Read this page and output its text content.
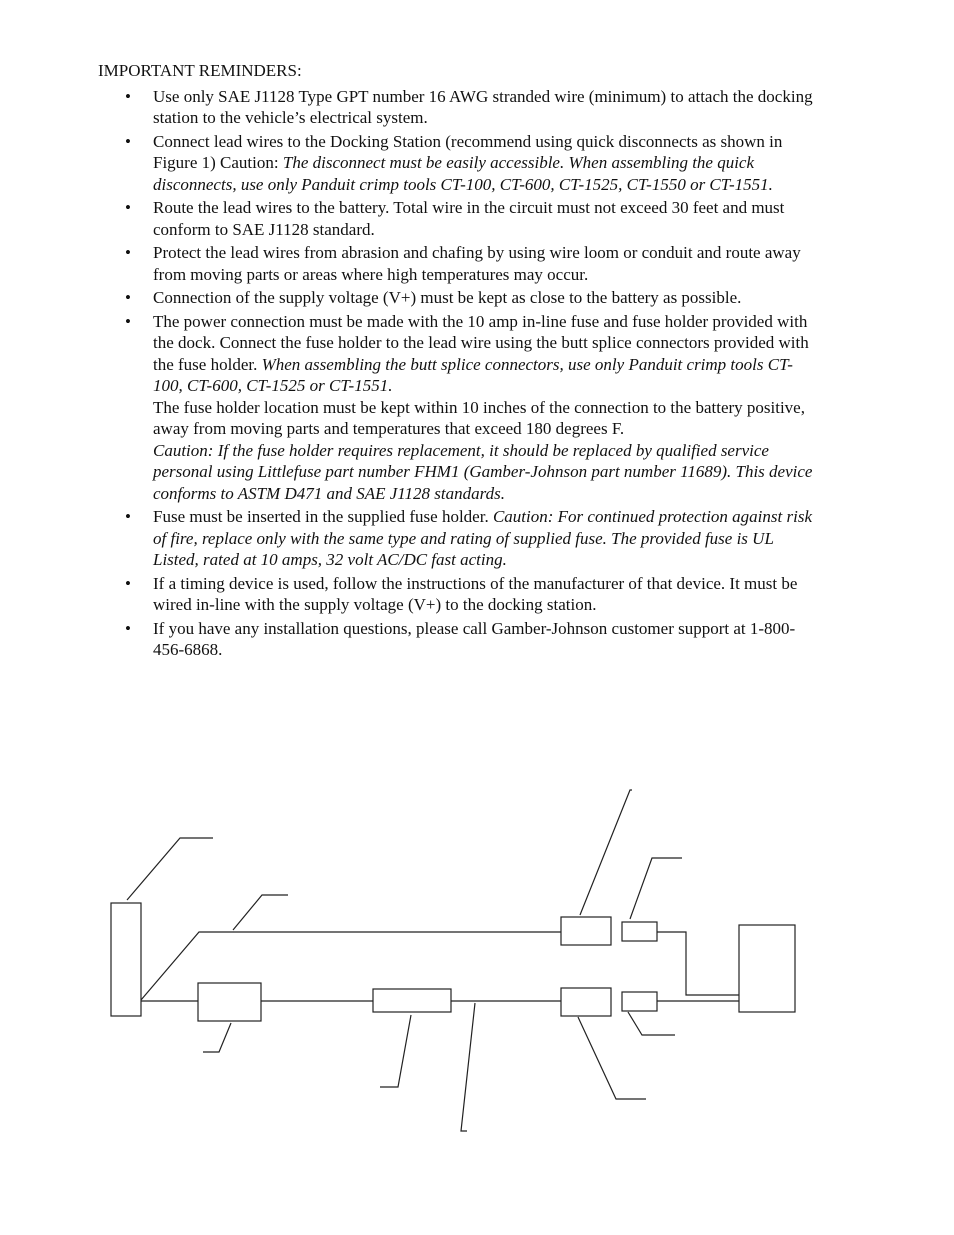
IMPORTANT REMINDERS:

• Use only SAE J1128 Type GPT number 16 AWG stranded wire (minimum) to attach the docking station to the vehicle’s electrical system.
• Connect lead wires to the Docking Station (recommend using quick disconnects as shown in Figure 1) Caution: The disconnect must be easily accessible. When assembling the quick disconnects, use only Panduit crimp tools CT-100, CT-600, CT-1525, CT-1550 or CT-1551.
• Route the lead wires to the battery. Total wire in the circuit must not exceed 30 feet and must conform to SAE J1128 standard.
• Protect the lead wires from abrasion and chafing by using wire loom or conduit and route away from moving parts or areas where high temperatures may occur.
• Connection of the supply voltage (V+) must be kept as close to the battery as possible.
• The power connection must be made with the 10 amp in-line fuse and fuse holder provided with the dock. Connect the fuse holder to the lead wire using the butt splice connectors provided with the fuse holder. When assembling the butt splice connectors, use only Panduit crimp tools CT-100, CT-600, CT-1525 or CT-1551.
The fuse holder location must be kept within 10 inches of the connection to the battery positive, away from moving parts and temperatures that exceed 180 degrees F.
Caution: If the fuse holder requires replacement, it should be replaced by qualified service personal using Littlefuse part number FHM1 (Gamber-Johnson part number 11689). This device conforms to ASTM D471 and SAE J1128 standards.
• Fuse must be inserted in the supplied fuse holder. Caution: For continued protection against risk of fire, replace only with the same type and rating of supplied fuse. The provided fuse is UL Listed, rated at 10 amps, 32 volt AC/DC fast acting.
• If a timing device is used, follow the instructions of the manufacturer of that device. It must be wired in-line with the supply voltage (V+) to the docking station.
• If you have any installation questions, please call Gamber-Johnson customer support at 1-800-456-6868.
